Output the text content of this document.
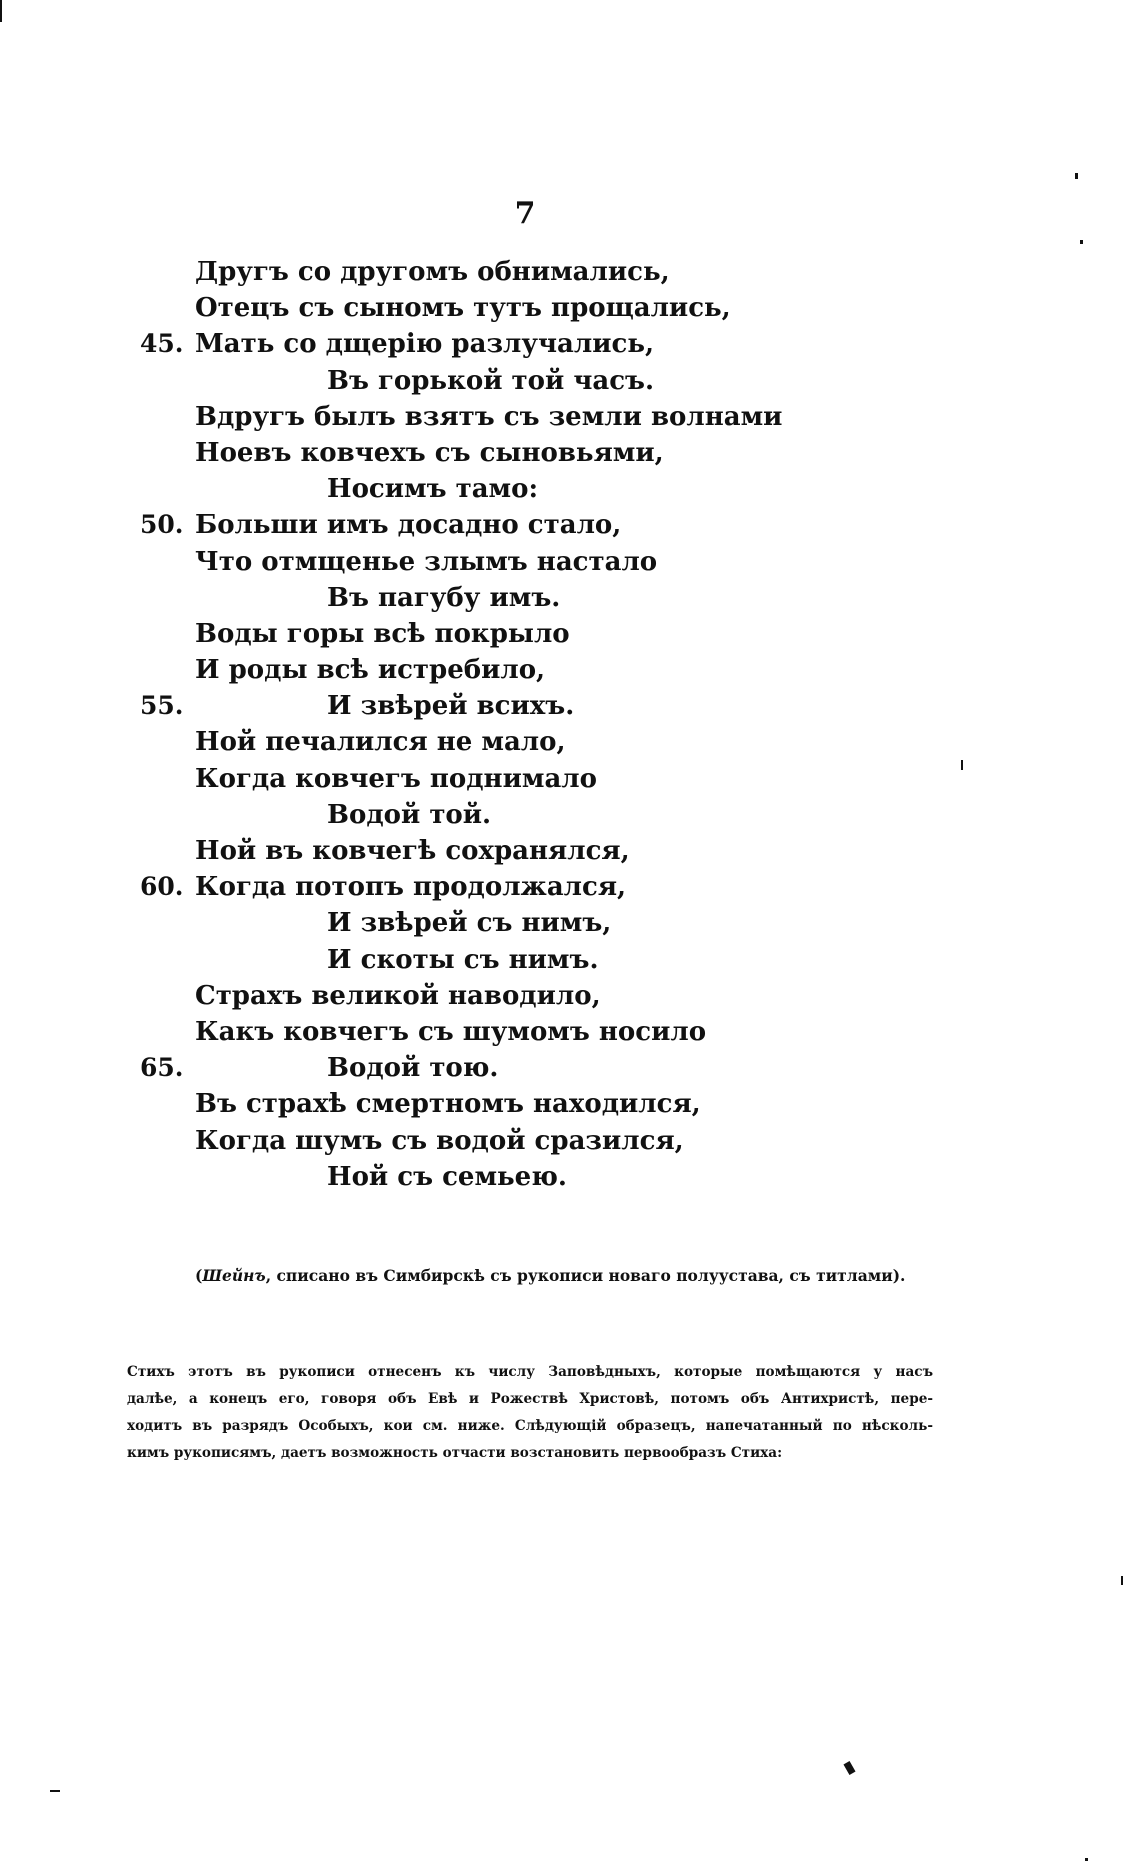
7
Другъ со другомъ обнимались,
Отецъ съ сыномъ тутъ прощались,
45. Мать со дщерію разлучались,
Въ горькой той часъ.
Вдругъ былъ взятъ съ земли волнами
Ноевъ ковчехъ съ сыновьями,
Носимъ тамо:
50. Больши имъ досадно стало,
Что отмщенье злымъ настало
Въ пагубу имъ.
Воды горы всѣ покрыло
И роды всѣ истребило,
55.	И звѣрей всихъ.
Ной печалился не мало,
Когда ковчегъ поднимало
Водой той.
Ной въ ковчегѣ сохранялся,
60. Когда потопъ продолжался,
И звѣрей съ нимъ,
И скоты съ нимъ.
Страхъ великой наводило,
Какъ ковчегъ съ шумомъ носило
65.	Водой тою.
Въ страхѣ смертномъ находился,
Когда шумъ съ водой сразился,
Ной съ семьею.
(Шейнъ, списано въ Симбирскѣ съ рукописи новаго полуустава, съ титлами).
Стихъ этотъ въ рукописи отнесенъ къ числу Заповѣдныхъ, которые помѣщаются у насъ
далѣе, а конецъ его, говоря объ Евѣ и Рожествѣ Христовѣ, потомъ объ Антихристѣ, пере-
ходитъ въ разрядъ Особыхъ, кои см. ниже. Слѣдующій образецъ, напечатанный по нѣсколь-
кимъ рукописямъ, даетъ возможность отчасти возстановить первообразъ Стиха:
